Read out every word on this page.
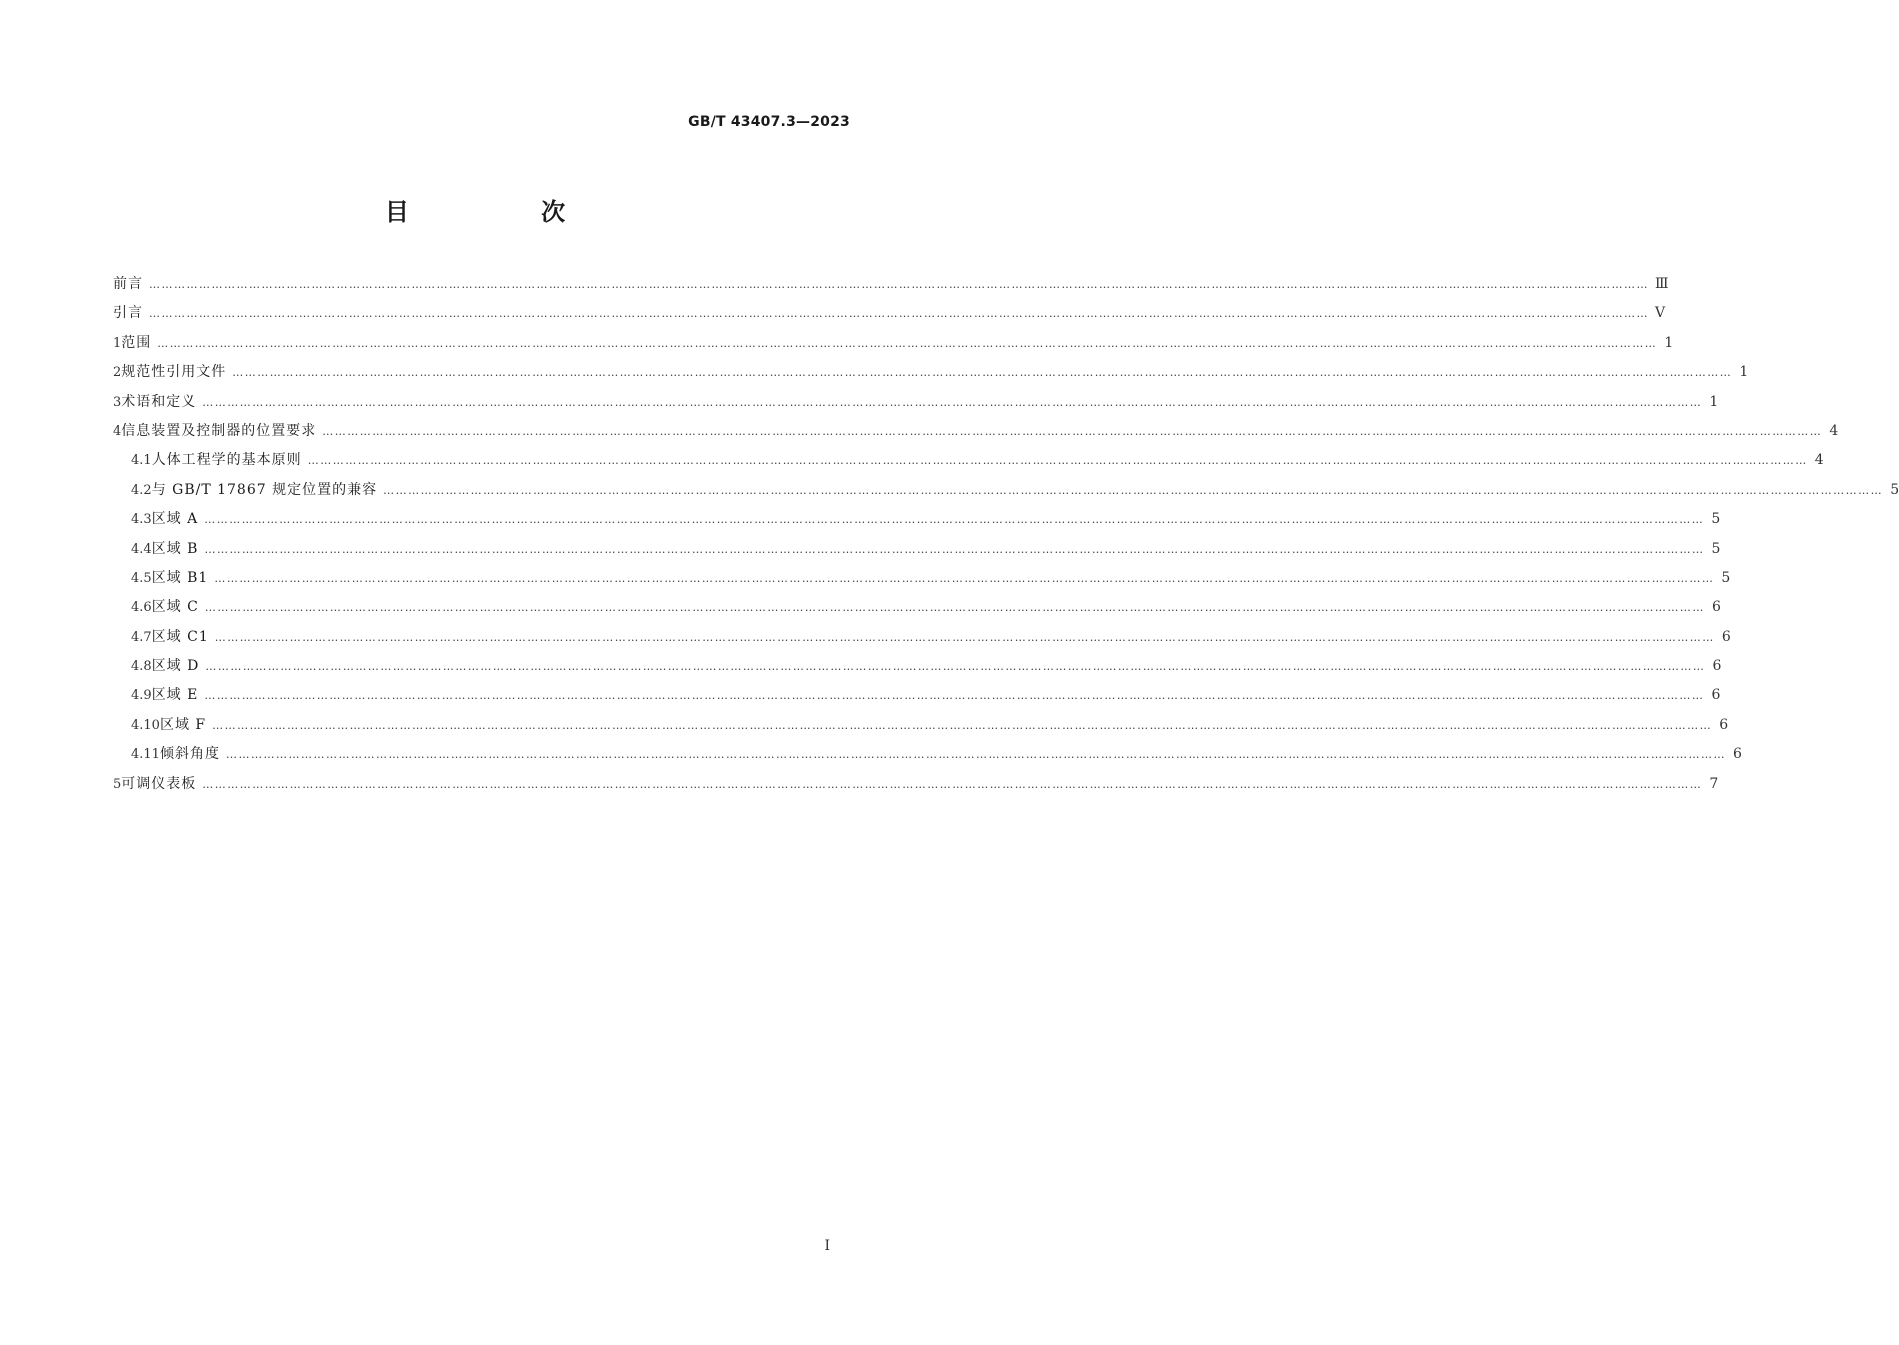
GB/T 43407.3—2023
目 次
前言 ……………………………………………………………………………………………………………………………………………………………………………………………………………………………………………………………………………………………………………………………… Ⅲ
引言 ……………………………………………………………………………………………………………………………………………………………………………………………………………………………………………………………………………………………………………………………… Ⅴ
1 范围 ……………………………………………………………………………………………………………………………………………………………………………………………………………………………………………………………………………………………………………………………… 1
2 规范性引用文件 ……………………………………………………………………………………………………………………………………………………………………………………………………………………………………………………………………………………………………………………………… 1
3 术语和定义 ……………………………………………………………………………………………………………………………………………………………………………………………………………………………………………………………………………………………………………………………… 1
4 信息装置及控制器的位置要求 ……………………………………………………………………………………………………………………………………………………………………………………………………………………………………………………………………………………………………………………………… 4
4.1 人体工程学的基本原则 ……………………………………………………………………………………………………………………………………………………………………………………………………………………………………………………………………………………………………………………………… 4
4.2 与 GB/T 17867 规定位置的兼容 ……………………………………………………………………………………………………………………………………………………………………………………………………………………………………………………………………………………………………………………………… 5
4.3 区域 A ……………………………………………………………………………………………………………………………………………………………………………………………………………………………………………………………………………………………………………………………… 5
4.4 区域 B ……………………………………………………………………………………………………………………………………………………………………………………………………………………………………………………………………………………………………………………………… 5
4.5 区域 B1 ……………………………………………………………………………………………………………………………………………………………………………………………………………………………………………………………………………………………………………………………… 5
4.6 区域 C ……………………………………………………………………………………………………………………………………………………………………………………………………………………………………………………………………………………………………………………………… 6
4.7 区域 C1 ……………………………………………………………………………………………………………………………………………………………………………………………………………………………………………………………………………………………………………………………… 6
4.8 区域 D ……………………………………………………………………………………………………………………………………………………………………………………………………………………………………………………………………………………………………………………………… 6
4.9 区域 E ……………………………………………………………………………………………………………………………………………………………………………………………………………………………………………………………………………………………………………………………… 6
4.10 区域 F ……………………………………………………………………………………………………………………………………………………………………………………………………………………………………………………………………………………………………………………………… 6
4.11 倾斜角度 ……………………………………………………………………………………………………………………………………………………………………………………………………………………………………………………………………………………………………………………………… 6
5 可调仪表板 ……………………………………………………………………………………………………………………………………………………………………………………………………………………………………………………………………………………………………………………………… 7
Ⅰ
